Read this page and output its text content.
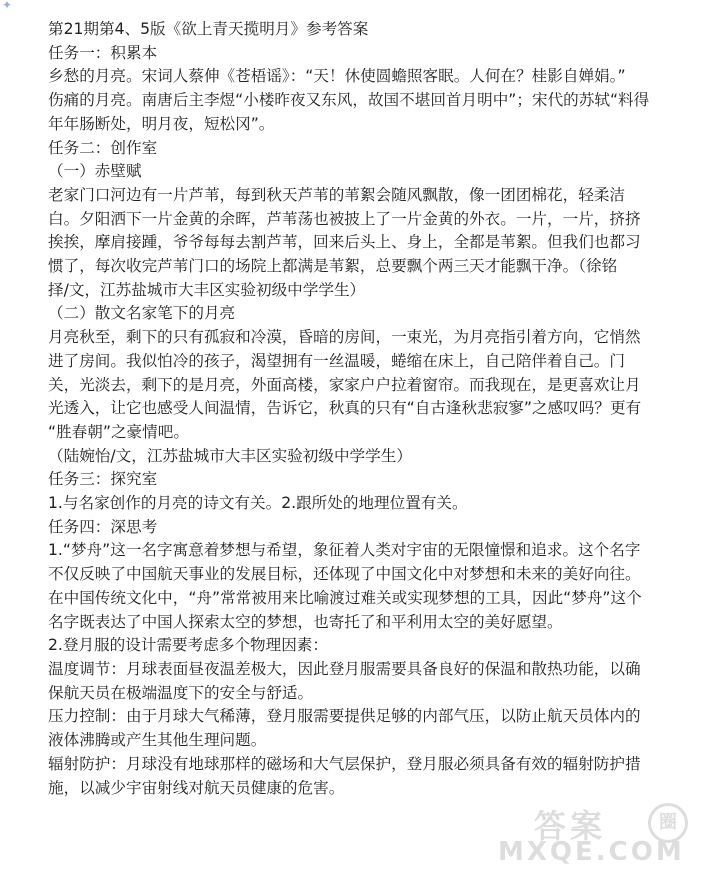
✦
第21期第4、5版《欲上青天揽明月》参考答案
任务一：积累本
乡愁的月亮。宋词人蔡伸《苍梧谣》：“天！休使圆蟾照客眠。人何在？桂影自婵娟。”
伤痛的月亮。南唐后主李煜“小楼昨夜又东风，故国不堪回首月明中”；宋代的苏轼“料得
年年肠断处，明月夜，短松冈”。
任务二：创作室
（一）赤壁赋
老家门口河边有一片芦苇，每到秋天芦苇的苇絮会随风飘散，像一团团棉花，轻柔洁
白。夕阳洒下一片金黄的余晖，芦苇荡也被披上了一片金黄的外衣。一片，一片，挤挤
挨挨，摩肩接踵，爷爷每每去割芦苇，回来后头上、身上，全都是苇絮。但我们也都习
惯了，每次收完芦苇门口的场院上都满是苇絮，总要飘个两三天才能飘干净。（徐铭
择/文，江苏盐城市大丰区实验初级中学学生）
（二）散文名家笔下的月亮
月亮秋至，剩下的只有孤寂和冷漠，昏暗的房间，一束光，为月亮指引着方向，它悄然
进了房间。我似怕冷的孩子，渴望拥有一丝温暖，蜷缩在床上，自己陪伴着自己。门
关，光淡去，剩下的是月亮，外面高楼，家家户户拉着窗帘。而我现在，是更喜欢让月
光透入，让它也感受人间温情，告诉它，秋真的只有“自古逢秋悲寂寥”之感叹吗？更有
“胜春朝”之豪情吧。
（陆婉怡/文，江苏盐城市大丰区实验初级中学学生）
任务三：探究室
1.与名家创作的月亮的诗文有关。2.跟所处的地理位置有关。
任务四：深思考
1.“梦舟”这一名字寓意着梦想与希望，象征着人类对宇宙的无限憧憬和追求。这个名字
不仅反映了中国航天事业的发展目标，还体现了中国文化中对梦想和未来的美好向往。
在中国传统文化中，“舟”常常被用来比喻渡过难关或实现梦想的工具，因此“梦舟”这个
名字既表达了中国人探索太空的梦想，也寄托了和平利用太空的美好愿望。
2.登月服的设计需要考虑多个物理因素：
温度调节：月球表面昼夜温差极大，因此登月服需要具备良好的保温和散热功能，以确
保航天员在极端温度下的安全与舒适。
压力控制：由于月球大气稀薄，登月服需要提供足够的内部气压，以防止航天员体内的
液体沸腾或产生其他生理问题。
辐射防护：月球没有地球那样的磁场和大气层保护，登月服必须具备有效的辐射防护措
施，以减少宇宙射线对航天员健康的危害。
答案	圈
MXQE.COM
